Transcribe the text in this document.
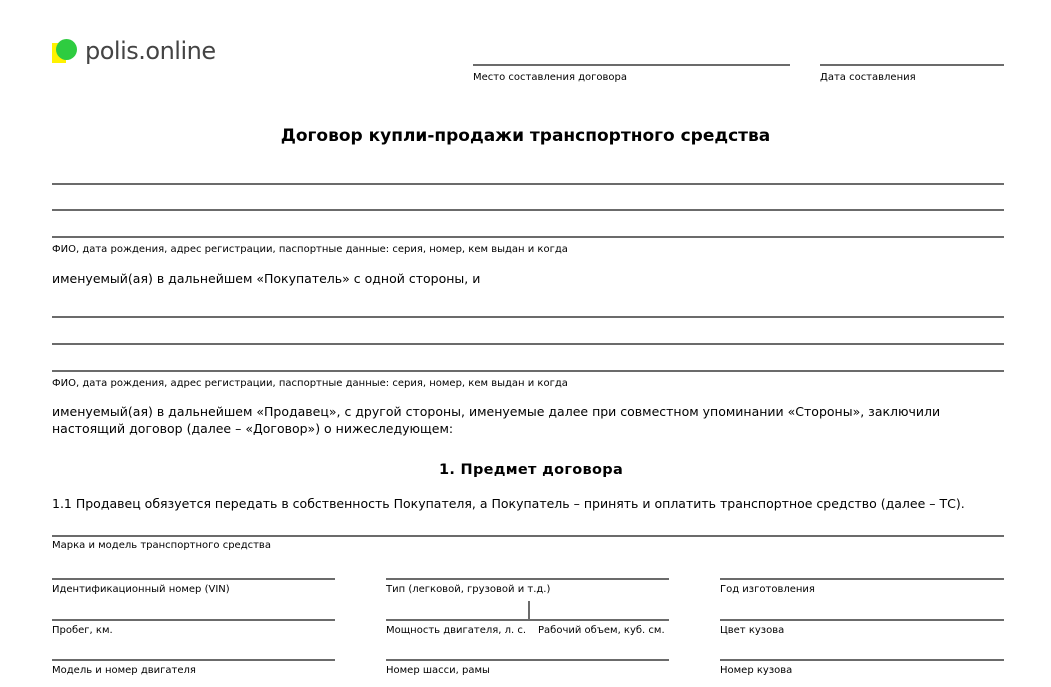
polis.online
Место составления договора	Дата составления
Договор купли-продажи транспортного средства
ФИО, дата рождения, адрес регистрации, паспортные данные: серия, номер, кем выдан и когда
именуемый(ая) в дальнейшем «Покупатель» с одной стороны, и
ФИО, дата рождения, адрес регистрации, паспортные данные: серия, номер, кем выдан и когда
именуемый(ая) в дальнейшем «Продавец», с другой стороны, именуемые далее при совместном упоминании «Стороны», заключили настоящий договор (далее – «Договор») о нижеследующем:
1. Предмет договора
1.1 Продавец обязуется передать в собственность Покупателя, а Покупатель – принять и оплатить транспортное средство (далее – ТС).
Марка и модель транспортного средства
Идентификационный номер (VIN)	Тип (легковой, грузовой и т.д.)	Год изготовления
Пробег, км.	Мощность двигателя, л. с. Рабочий объем, куб. см.	Цвет кузова
Модель и номер двигателя	Номер шасси, рамы	Номер кузова
